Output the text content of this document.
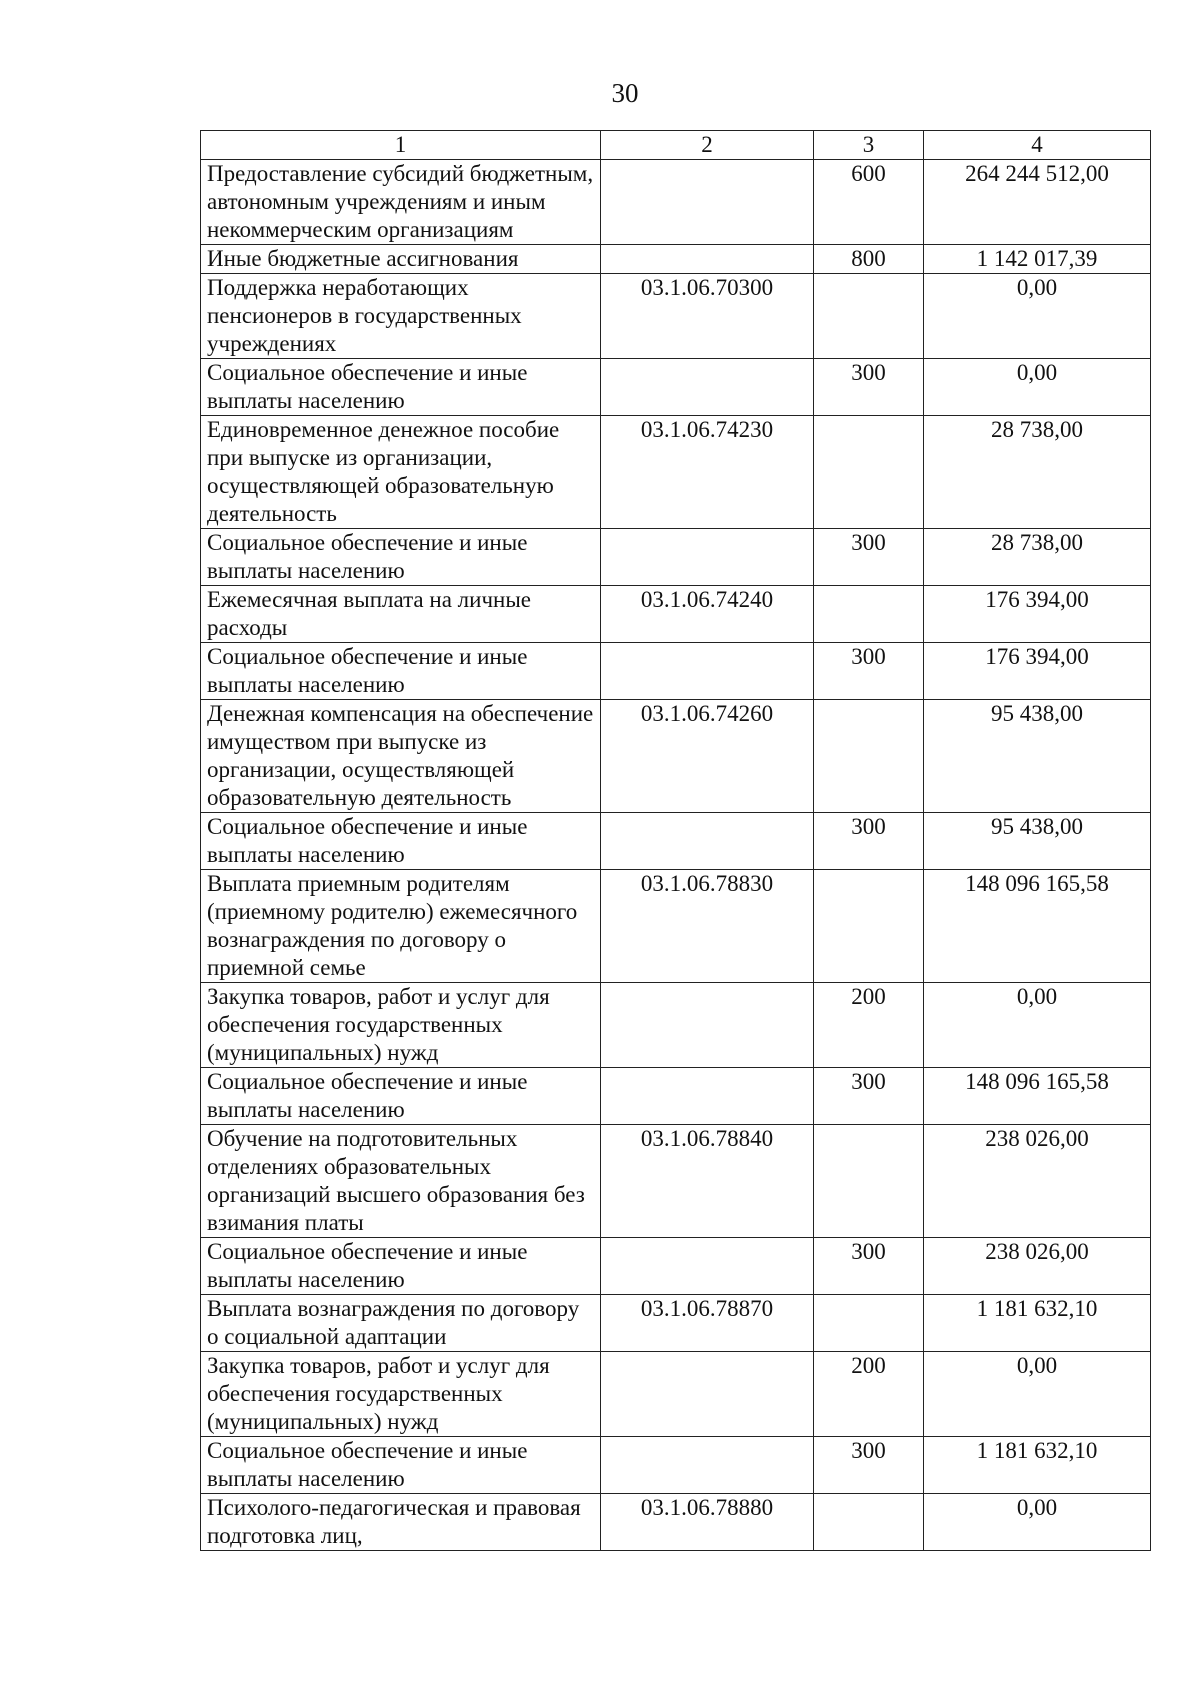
30
1	2	3	4
Предоставление субсидий бюджетным, автономным учреждениям и иным некоммерческим организациям		600	264 244 512,00
Иные бюджетные ассигнования		800	1 142 017,39
Поддержка неработающих пенсионеров в государственных учреждениях	03.1.06.70300		0,00
Социальное обеспечение и иные выплаты населению		300	0,00
Единовременное денежное пособие при выпуске из организации, осуществляющей образовательную деятельность	03.1.06.74230		28 738,00
Социальное обеспечение и иные выплаты населению		300	28 738,00
Ежемесячная выплата на личные расходы	03.1.06.74240		176 394,00
Социальное обеспечение и иные выплаты населению		300	176 394,00
Денежная компенсация на обеспечение имуществом при выпуске из организации, осуществляющей образовательную деятельность	03.1.06.74260		95 438,00
Социальное обеспечение и иные выплаты населению		300	95 438,00
Выплата приемным родителям (приемному родителю) ежемесячного вознаграждения по договору о приемной семье	03.1.06.78830		148 096 165,58
Закупка товаров, работ и услуг для обеспечения государственных (муниципальных) нужд		200	0,00
Социальное обеспечение и иные выплаты населению		300	148 096 165,58
Обучение на подготовительных отделениях образовательных организаций высшего образования без взимания платы	03.1.06.78840		238 026,00
Социальное обеспечение и иные выплаты населению		300	238 026,00
Выплата вознаграждения по договору о социальной адаптации	03.1.06.78870		1 181 632,10
Закупка товаров, работ и услуг для обеспечения государственных (муниципальных) нужд		200	0,00
Социальное обеспечение и иные выплаты населению		300	1 181 632,10
Психолого-педагогическая и правовая подготовка лиц,	03.1.06.78880		0,00
